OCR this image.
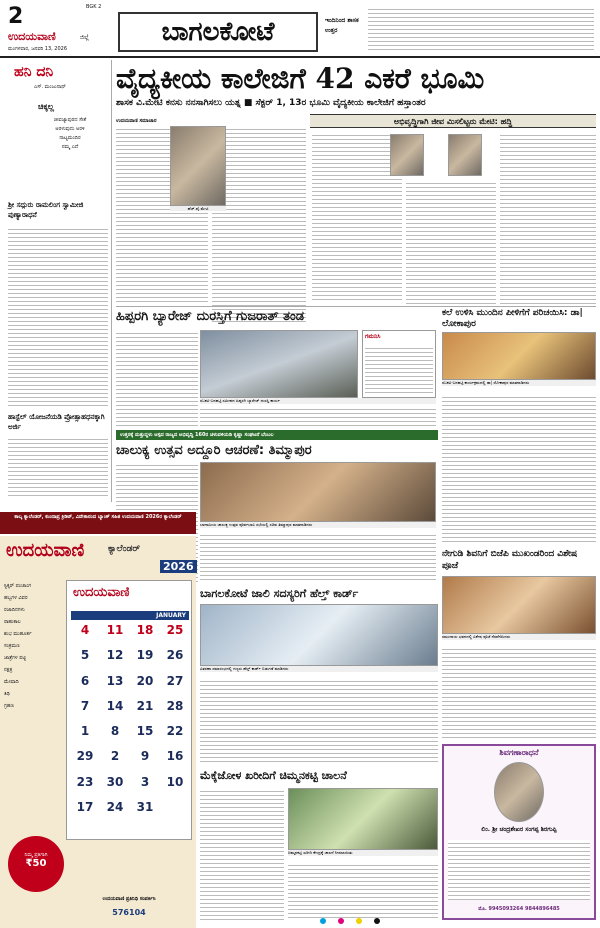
2	BGK 2
ಉದಯವಾಣಿ	ಜಿಲ್ಲೆ
ಮಂಗಳವಾರ, ಜನವರಿ 13, 2026
ಬಾಗಲಕೋಟೆ	ಇಂದಿನಿಂದ ಶಾಸಕ ಉತ್ತರ
ಹನಿ ದನಿ
ಎಸ್. ಮಂಜುನಾಥ್
ಚಿಕ್ಕಲ್ಲ
ಜೀವಜ್ಯಾಪುರದ ಸೇತೆ
ಅರಳುವುದು ಅರಳಿ
ನಾಟ್ಯಮಂದಿರ
ನಮ್ಮ ಎದೆ
ಶ್ರೀ ಸದ್ಗುರು ರಾಮಲಿಂಗ ಸ್ವಾಮೀಜಿ ಪುಣ್ಯಾರಾಧನೆ
ಹಾಸ್ಟೆಲ್ ಯೋಜನೆಯಡಿ ಪ್ರೋತ್ಸಾಹಧನಕ್ಕಾಗಿ ಅರ್ಜಿ
ವೈದ್ಯಕೀಯ ಕಾಲೇಜಿಗೆ 42 ಎಕರೆ ಭೂಮಿ
ಶಾಸಕ ವಿ.ಮೇಟಿ ಕನಸು ನನಸಾಗಿಸಲು ಯತ್ನ ■ ಸೆಕ್ಟರ್ 1, 13ರ ಭೂಮಿ ವೈದ್ಯಕೀಯ ಕಾಲೇಜಿಗೆ ಹಸ್ತಾಂತರ
ಉದಯವಾಣಿ ಸಮಾಚಾರ
ಹೆಚ್.ವೈ.ಮೇಟಿ
ಅಭಿವೃದ್ಧಿಗಾಗಿ ಜೀವ ಮಿಸಲಿಟ್ಟರು ಮೇಟಿ: ಹದ್ದಿ
ಹಿಪ್ಪರಗಿ ಬ್ಯಾರೇಜ್ ದುರಸ್ತಿಗೆ ಗುಜರಾತ್ ತಂಡ
ರಬಕವಿ-ಬನಹಟ್ಟಿ ಸಮೀಪದ ಹಿಪ್ಪರಗಿ ಬ್ಯಾರೇಜ್ ದುರಸ್ತಿ ಕಾರ್ಯ
ಗಮನಿಸಿ
ಕಲೆ ಉಳಿಸಿ ಮುಂದಿನ ಪೀಳಿಗೆಗೆ ಪರಿಚಯಿಸಿ: ಡಾ| ಲೋಕಾಪುರ
ರಬಕವಿ-ಬನಹಟ್ಟಿ ಕಾರ್ಯಕ್ರಮದಲ್ಲಿ ಡಾ| ಲೋಕಾಪುರ ಮಾತನಾಡಿದರು
ಉತ್ತರಕ್ಕೆ ಮತ್ತುದ್ದಳು ಆಸ್ಪದ ರಾಜ್ಯದ ಅಭಿವೃದ್ಧಿ 160ರ ಚಳುವಳಿಯಡಿ ಕೃಷ್ಣಾ ಸಂಘಟನೆ ಬೆಂಬಲ
ಚಾಲುಕ್ಯ ಉತ್ಸವ ಅದ್ದೂರಿ ಆಚರಣೆ: ತಿಮ್ಮಾಪುರ
ಬಾದಾಮಿಯ ಚಾಲುಕ್ಯ ಉತ್ಸವ ಪೂರ್ವಭಾವಿ ಸಭೆಯಲ್ಲಿ ಸಚಿವ ತಿಮ್ಮಾಪುರ ಮಾತನಾಡಿದರು
ಕಾಲ್ಕ ಕ್ಯಾಲೆಂಡರ್, ಕುಂದಾಪ್ರ ಕ್ರಿಡಿಟ್, ವಿವೇಕಾನಂದ ಬ್ಯಾಂಕ್ ಸಹಿತ ಉದಯವಾಣಿ 2026ರ ಕ್ಯಾಲೆಂಡರ್
ಉದಯವಾಣಿ	ಕ್ಯಾಲೆಂಡರ್
2026
ಸ್ಟಿಕ್ಕರ್ ಪಂಚಾಂಗ
ಹಬ್ಬಗಳ ವಿವರ
ರಜಾದಿನಗಳು
ರಾಹುಕಾಲ
ಶುಭ ಮುಹೂರ್ತ
ಸಂಕ್ರಮಣ
ಜಾತ್ರೆಗಳ ಪಟ್ಟಿ
ನಕ್ಷತ್ರ
ಮೇಷಾದಿ
ತಿಥಿ
ಗ್ರಹಣ
ಉದಯವಾಣಿ
JANUARY
4	11	18	25
5	12	19	26
6	13	20	27
7	14	21	28
1	8	15	22
29	2	9	16
23	30	3	10
17	24	31
ನಿಮ್ಮ ಪ್ರತಿಗಾಗಿ
₹50
ಉದಯವಾಣಿ ಪ್ರತಿನಿಧಿ ಸಂಪರ್ಕಿಸಿ
576104
ಬಾಗಲಕೋಟೆ ಜಾಲಿ ಸದಸ್ಯರಿಗೆ ಹೆಲ್ತ್ ಕಾರ್ಡ್
ವಿತರಣಾ ಸಮಾರಂಭದಲ್ಲಿ ಗಣ್ಯರು ಹೆಲ್ತ್ ಕಾರ್ಡ್ ಬಿಡುಗಡೆ ಮಾಡಿದರು
ನೇಗುಡಿ ಶಿವನಿಗೆ ಬಿಜೆಪಿ ಮುಖಂಡರಿಂದ ವಿಶೇಷ ಪೂಜೆ
ಸಮುದಾಯ ಭವನದಲ್ಲಿ ವಿಶೇಷ ಪೂಜೆ ನೆರವೇರಿಸಿದರು
ಮೆಕ್ಕೆಜೋಳ ಖರೀದಿಗೆ ಚಿಮ್ಮನಕಟ್ಟಿ ಚಾಲನೆ
ಚಿಮ್ಮನಕಟ್ಟಿ ಖರೀದಿ ಕೇಂದ್ರಕ್ಕೆ ಚಾಲನೆ ನೀಡಲಾಯಿತು
ಶಿವಗಣಾರಾಧನೆ
ಲಿಂ. ಶ್ರೀ ಚಂದ್ರಶೇಖರ ಸಂಗಪ್ಪ ಶಿರಗುಪ್ಪಿ
ಮೊ. 9945093264 9844896485
